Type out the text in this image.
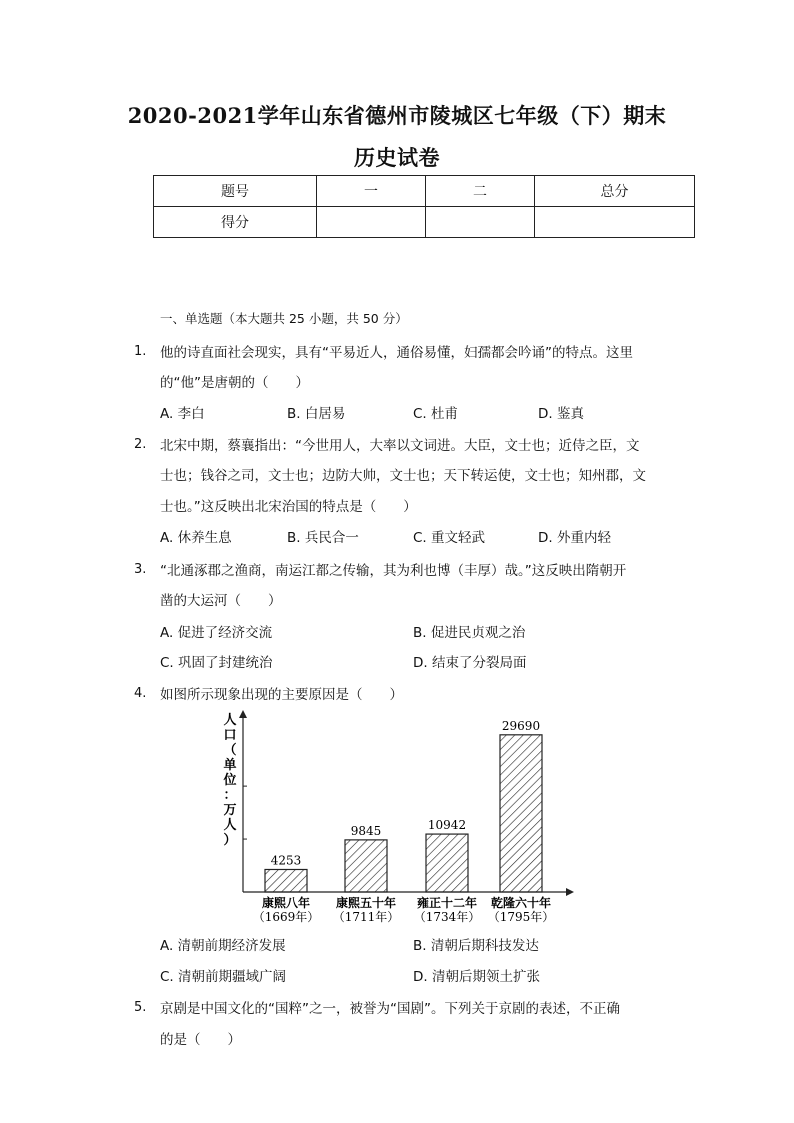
2020-2021学年山东省德州市陵城区七年级（下）期末
历史试卷
题号	一	二	总分
得分			
一、单选题（本大题共 25 小题，共 50 分）
1. 他的诗直面社会现实，具有“平易近人，通俗易懂，妇孺都会吟诵”的特点。这里
的“他”是唐朝的（　　）
A. 李白	B. 白居易	C. 杜甫	D. 鉴真
2. 北宋中期，蔡襄指出：“今世用人，大率以文词进。大臣，文士也；近侍之臣，文
士也；钱谷之司，文士也；边防大帅，文士也；天下转运使，文士也；知州郡，文
士也。”这反映出北宋治国的特点是（　　）
A. 休养生息	B. 兵民合一	C. 重文轻武	D. 外重内轻
3. “北通涿郡之渔商，南运江都之传输，其为利也博（丰厚）哉。”这反映出隋朝开
凿的大运河（　　）
A. 促进了经济交流	B. 促进民贞观之治
C. 巩固了封建统治	D. 结束了分裂局面
4. 如图所示现象出现的主要原因是（　　）
人
口
（
单
位
：
万
人
）
4253
康熙八年
（1669年）
9845
康熙五十年
（1711年）
10942
雍正十二年
（1734年）
29690
乾隆六十年
（1795年）
A. 清朝前期经济发展	B. 清朝后期科技发达
C. 清朝前期疆域广阔	D. 清朝后期领土扩张
5. 京剧是中国文化的“国粹”之一，被誉为“国剧”。下列关于京剧的表述，不正确
的是（　　）
